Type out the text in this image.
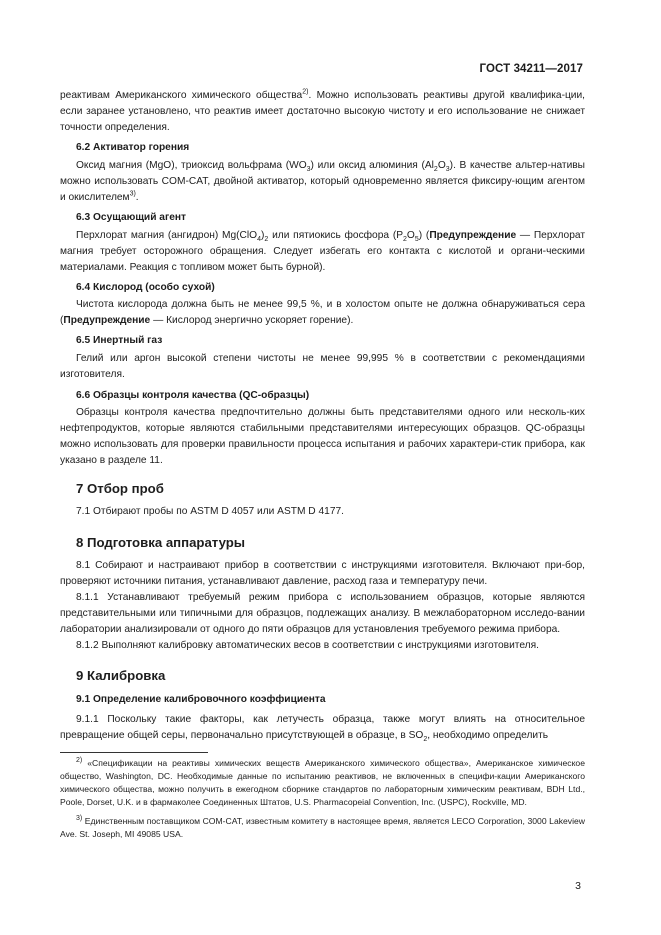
ГОСТ 34211—2017

реактивам Американского химического общества$^{2)}$. Можно использовать реактивы другой квалифика-ции, если заранее установлено, что реактив имеет достаточно высокую чистоту и его использование не снижает точности определения.

6.2 Активатор горения

Оксид магния (MgO), триоксид вольфрама $(WO_3)$ или оксид алюминия $(Al_2O_3)$. В качестве альтер-нативы можно использовать COM-CAT, двойной активатор, который одновременно является фиксиру-ющим агентом и окислителем$^{3)}$.

6.3 Осущающий агент

Перхлорат магния (ангидрон) $Mg(ClO_4)_2$ или пятиокись фосфора $(P_2O_5)$ (Предупреждение — Перхлорат магния требует осторожного обращения. Следует избегать его контакта с кислотой и органи-ческими материалами. Реакция с топливом может быть бурной).

6.4 Кислород (особо сухой)

Чистота кислорода должна быть не менее 99,5 %, и в холостом опыте не должна обнаруживаться сера (Предупреждение — Кислород энергично ускоряет горение).

6.5 Инертный газ

Гелий или аргон высокой степени чистоты не менее 99,995 % в соответствии с рекомендациями изготовителя.

6.6 Образцы контроля качества (QC-образцы)

Образцы контроля качества предпочтительно должны быть представителями одного или несколь-ких нефтепродуктов, которые являются стабильными представителями интересующих образцов. QC-образцы можно использовать для проверки правильности процесса испытания и рабочих характери-стик прибора, как указано в разделе 11.

7 Отбор проб

7.1 Отбирают пробы по ASTM D 4057 или ASTM D 4177.

8 Подготовка аппаратуры

8.1 Собирают и настраивают прибор в соответствии с инструкциями изготовителя. Включают при-бор, проверяют источники питания, устанавливают давление, расход газа и температуру печи.

8.1.1 Устанавливают требуемый режим прибора с использованием образцов, которые являются представительными или типичными для образцов, подлежащих анализу. В межлабораторном исследо-вании лаборатории анализировали от одного до пяти образцов для установления требуемого режима прибора.

8.1.2 Выполняют калибровку автоматических весов в соответствии с инструкциями изготовителя.

9 Калибровка
9.1 Определение калибровочного коэффициента

9.1.1 Поскольку такие факторы, как летучесть образца, также могут влиять на относительное превращение общей серы, первоначально присутствующей в образце, в $SO_2$, необходимо определить

$^{2)}$ «Спецификации на реактивы химических веществ Американского химического общества», Американское химическое общество, Washington, DC. Необходимые данные по испытанию реактивов, не включенных в специфи-кации Американского химического общества, можно получить в ежегодном сборнике стандартов по лабораторным химическим реактивам, BDH Ltd., Poole, Dorset, U.K. и в фармаколее Соединенных Штатов, U.S. Pharmacopeial Convention, Inc. (USPC), Rockville, MD.

$^{3)}$ Единственным поставщиком COM-CAT, известным комитету в настоящее время, является LECO Corporation, 3000 Lakeview Ave. St. Joseph, MI 49085 USA.

3
